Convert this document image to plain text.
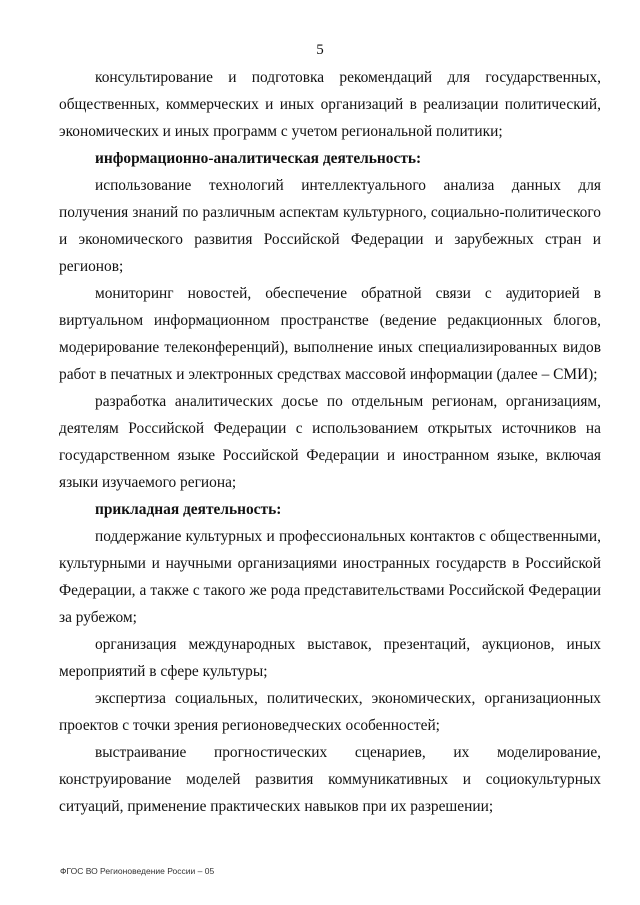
5

консультирование и подготовка рекомендаций для государственных, общественных, коммерческих и иных организаций в реализации политический, экономических и иных программ с учетом региональной политики;

информационно-аналитическая деятельность:

использование технологий интеллектуального анализа данных для получения знаний по различным аспектам культурного, социально-политического и экономического развития Российской Федерации и зарубежных стран и регионов;

мониторинг новостей, обеспечение обратной связи с аудиторией в виртуальном информационном пространстве (ведение редакционных блогов, модерирование телеконференций), выполнение иных специализированных видов работ в печатных и электронных средствах массовой информации (далее – СМИ);

разработка аналитических досье по отдельным регионам, организациям, деятелям Российской Федерации с использованием открытых источников на государственном языке Российской Федерации и иностранном языке, включая языки изучаемого региона;

прикладная деятельность:

поддержание культурных и профессиональных контактов с общественными, культурными и научными организациями иностранных государств в Российской Федерации, а также с такого же рода представительствами Российской Федерации за рубежом;

организация международных выставок, презентаций, аукционов, иных мероприятий в сфере культуры;

экспертиза социальных, политических, экономических, организационных проектов с точки зрения регионоведческих особенностей;

выстраивание прогностических сценариев, их моделирование, конструирование моделей развития коммуникативных и социокультурных ситуаций, применение практических навыков при их разрешении;

ФГОС ВО Регионоведение России – 05
